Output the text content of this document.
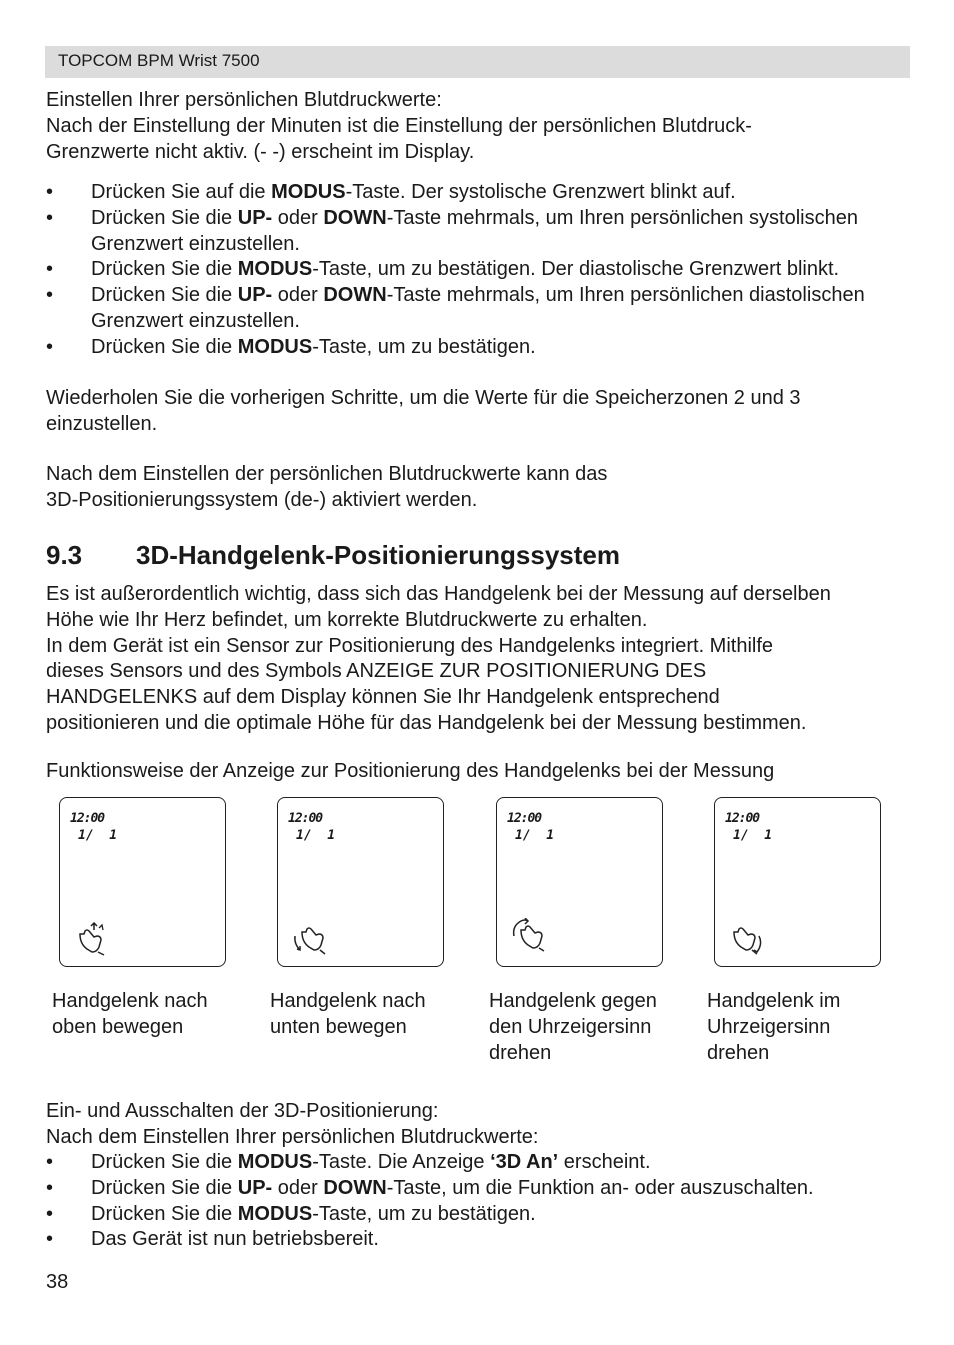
TOPCOM BPM Wrist 7500
Einstellen Ihrer persönlichen Blutdruckwerte:
Nach der Einstellung der Minuten ist die Einstellung der persönlichen Blutdruck-
Grenzwerte nicht aktiv. (- -) erscheint im Display.
• Drücken Sie auf die MODUS-Taste. Der systolische Grenzwert blinkt auf.
• Drücken Sie die UP- oder DOWN-Taste mehrmals, um Ihren persönlichen systolischen Grenzwert einzustellen.
• Drücken Sie die MODUS-Taste, um zu bestätigen. Der diastolische Grenzwert blinkt.
• Drücken Sie die UP- oder DOWN-Taste mehrmals, um Ihren persönlichen diastolischen Grenzwert einzustellen.
• Drücken Sie die MODUS-Taste, um zu bestätigen.
Wiederholen Sie die vorherigen Schritte, um die Werte für die Speicherzonen 2 und 3
einzustellen.
Nach dem Einstellen der persönlichen Blutdruckwerte kann das
3D-Positionierungssystem (de-) aktiviert werden.
9.3 3D-Handgelenk-Positionierungssystem
Es ist außerordentlich wichtig, dass sich das Handgelenk bei der Messung auf derselben
Höhe wie Ihr Herz befindet, um korrekte Blutdruckwerte zu erhalten.
In dem Gerät ist ein Sensor zur Positionierung des Handgelenks integriert. Mithilfe
dieses Sensors und des Symbols ANZEIGE ZUR POSITIONIERUNG DES
HANDGELENKS auf dem Display können Sie Ihr Handgelenk entsprechend
positionieren und die optimale Höhe für das Handgelenk bei der Messung bestimmen.
Funktionsweise der Anzeige zur Positionierung des Handgelenks bei der Messung
12:00
1/  1
Handgelenk nach
oben bewegen
12:00
1/  1
Handgelenk nach
unten bewegen
12:00
1/  1
Handgelenk gegen
den Uhrzeigersinn
drehen
12:00
1/  1
Handgelenk im
Uhrzeigersinn
drehen
Ein- und Ausschalten der 3D-Positionierung:
Nach dem Einstellen Ihrer persönlichen Blutdruckwerte:
• Drücken Sie die MODUS-Taste. Die Anzeige ‘3D An’ erscheint.
• Drücken Sie die UP- oder DOWN-Taste, um die Funktion an- oder auszuschalten.
• Drücken Sie die MODUS-Taste, um zu bestätigen.
• Das Gerät ist nun betriebsbereit.
38
